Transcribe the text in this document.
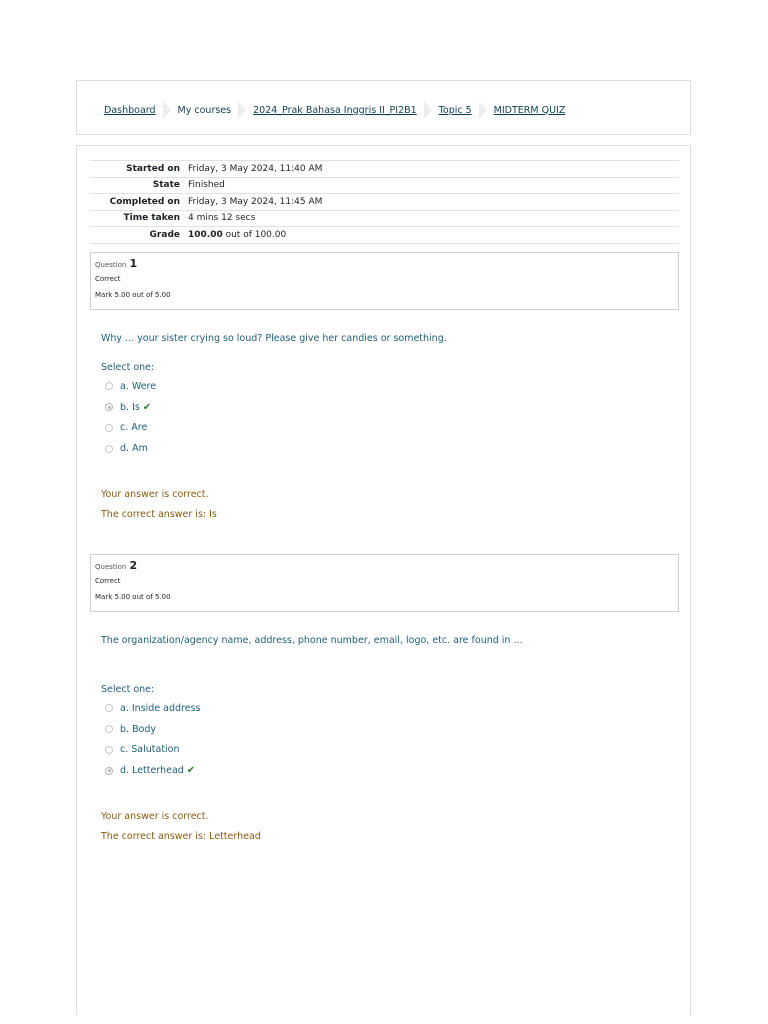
Dashboard My courses 2024_Prak Bahasa Inggris II_PI2B1 Topic 5 MIDTERM QUIZ
Started on	Friday, 3 May 2024, 11:40 AM
State	Finished
Completed on	Friday, 3 May 2024, 11:45 AM
Time taken	4 mins 12 secs
Grade	100.00 out of 100.00
Question 1
Correct
Mark 5.00 out of 5.00
Why ... your sister crying so loud? Please give her candies or something.
Select one:
a. Were
b. Is ✔
c. Are
d. Am
Your answer is correct.
The correct answer is: Is
Question 2
Correct
Mark 5.00 out of 5.00
The organization/agency name, address, phone number, email, logo, etc. are found in ...
Select one:
a. Inside address
b. Body
c. Salutation
d. Letterhead ✔
Your answer is correct.
The correct answer is: Letterhead
